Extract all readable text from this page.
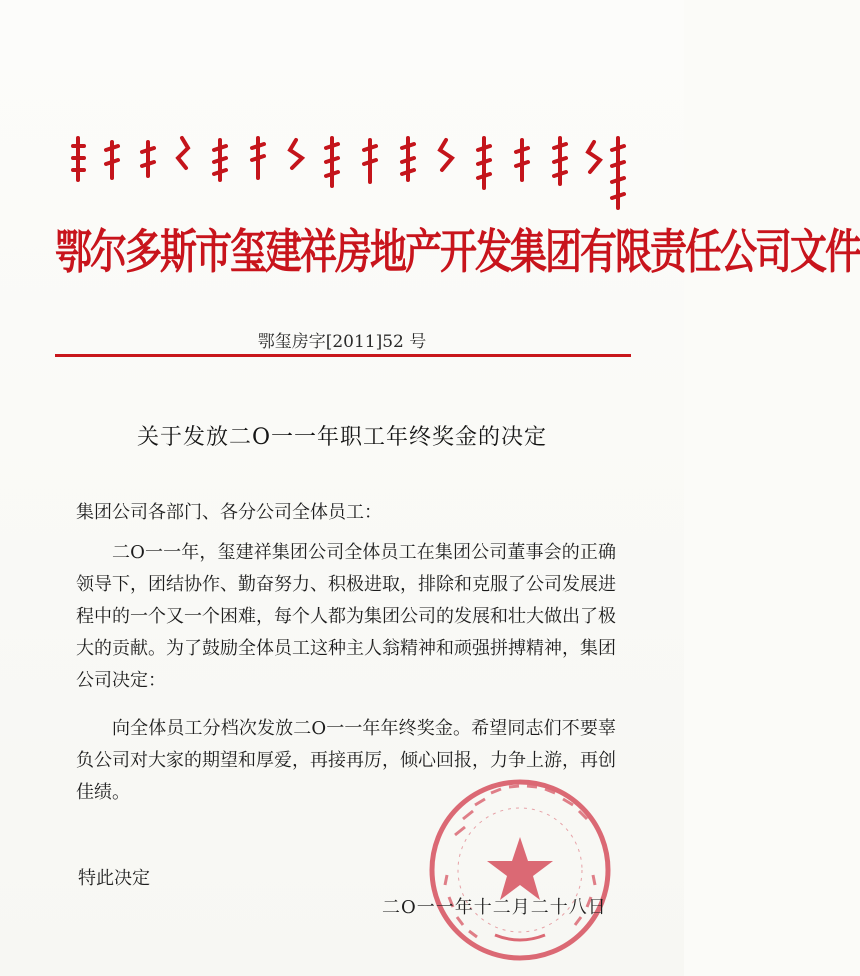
鄂尔多斯市玺建祥房地产开发集团有限责任公司文件
鄂玺房字[2011]52 号
关于发放二O一一年职工年终奖金的决定
集团公司各部门、各分公司全体员工：
二O一一年，玺建祥集团公司全体员工在集团公司董事会的正确领导下，团结协作、勤奋努力、积极进取，排除和克服了公司发展进程中的一个又一个困难，每个人都为集团公司的发展和壮大做出了极大的贡献。为了鼓励全体员工这种主人翁精神和顽强拼搏精神，集团公司决定：
向全体员工分档次发放二O一一年年终奖金。希望同志们不要辜负公司对大家的期望和厚爱，再接再厉，倾心回报，力争上游，再创佳绩。
特此决定
二O一一年十二月二十八日
